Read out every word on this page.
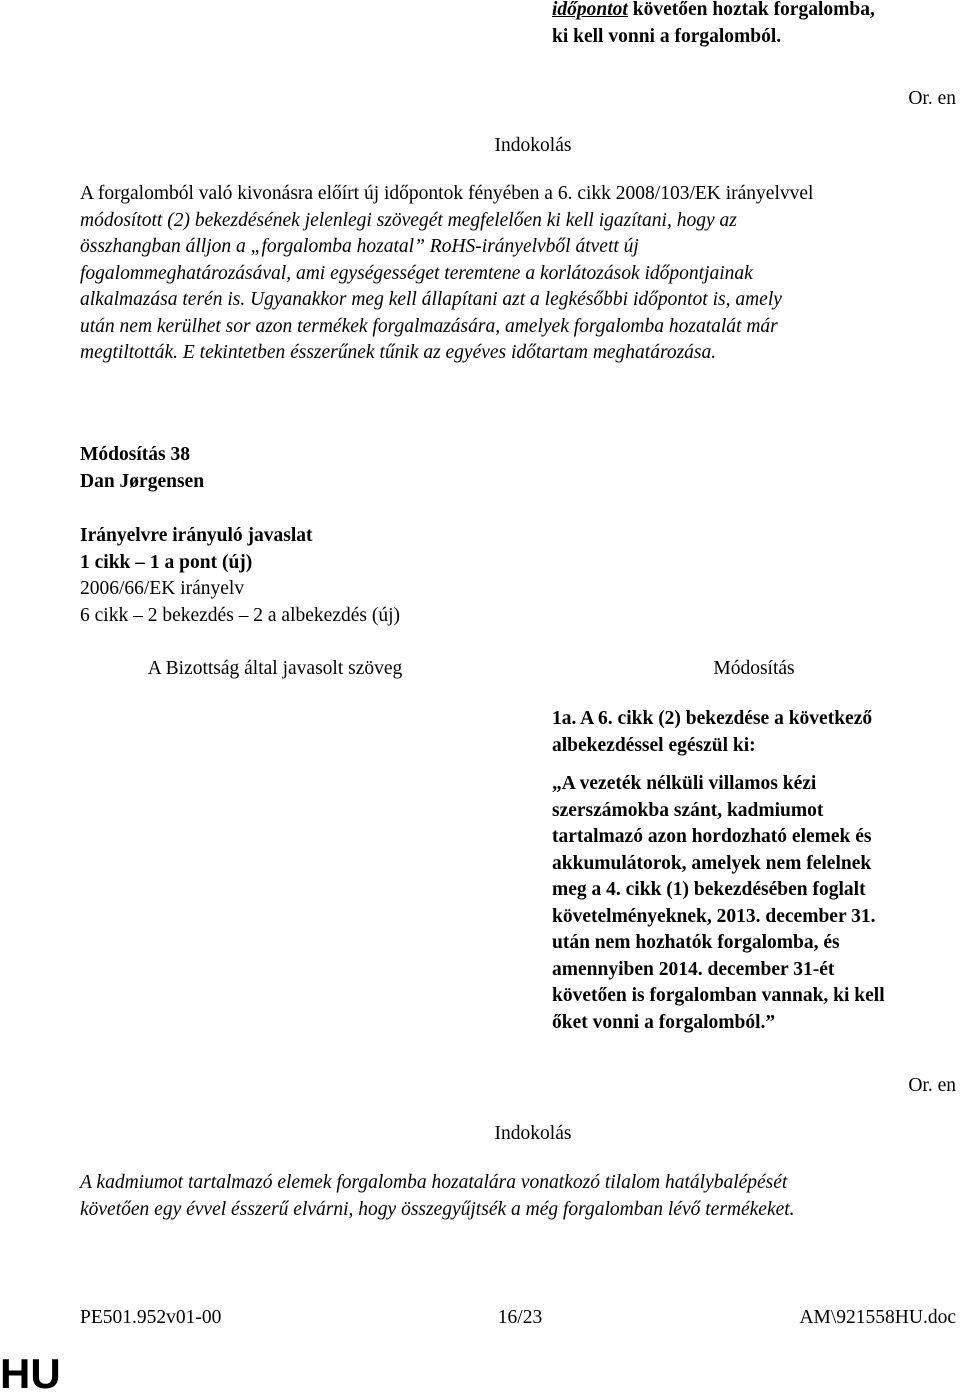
időpontot követően hoztak forgalomba,
ki kell vonni a forgalomból.
Or. en
Indokolás
A forgalomból való kivonásra előírt új időpontok fényében a 6. cikk 2008/103/EK irányelvvel
módosított (2) bekezdésének jelenlegi szövegét megfelelően ki kell igazítani, hogy az
összhangban álljon a „forgalomba hozatal” RoHS-irányelvből átvett új
fogalommeghatározásával, ami egységességet teremtene a korlátozások időpontjainak
alkalmazása terén is. Ugyanakkor meg kell állapítani azt a legkésőbbi időpontot is, amely
után nem kerülhet sor azon termékek forgalmazására, amelyek forgalomba hozatalát már
megtiltották. E tekintetben ésszerűnek tűnik az egyéves időtartam meghatározása.
Módosítás 38
Dan Jørgensen
Irányelvre irányuló javaslat
1 cikk – 1 a pont (új)
2006/66/EK irányelv
6 cikk – 2 bekezdés – 2 a albekezdés (új)
A Bizottság által javasolt szöveg	Módosítás
1a. A 6. cikk (2) bekezdése a következő
albekezdéssel egészül ki:
„A vezeték nélküli villamos kézi
szerszámokba szánt, kadmiumot
tartalmazó azon hordozható elemek és
akkumulátorok, amelyek nem felelnek
meg a 4. cikk (1) bekezdésében foglalt
követelményeknek, 2013. december 31.
után nem hozhatók forgalomba, és
amennyiben 2014. december 31-ét
követően is forgalomban vannak, ki kell
őket vonni a forgalomból.”
Or. en
Indokolás
A kadmiumot tartalmazó elemek forgalomba hozatalára vonatkozó tilalom hatálybalépését
követően egy évvel ésszerű elvárni, hogy összegyűjtsék a még forgalomban lévő termékeket.
PE501.952v01-00	16/23	AM\921558HU.doc
HU
